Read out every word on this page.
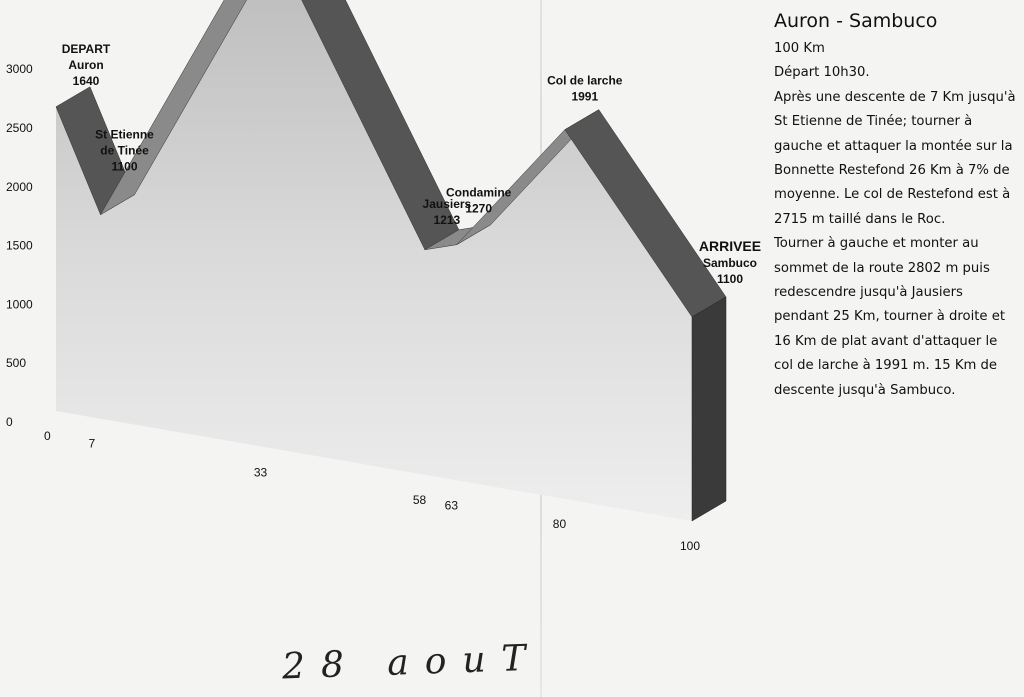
0
500
1000
1500
2000
2500
3000
0
7
33
58 63
80
100
DEPART Auron 1640
St Etienne de Tinée 1100
Jausiers 1213
Condamine 1270
Col de larche 1991
ARRIVEE Sambuco 1100
Auron - Sambuco

100 Km

Départ 10h30.

Après une descente de 7 Km jusqu'à St Etienne de Tinée; tourner à gauche et attaquer la montée sur la Bonnette Restefond 26 Km à 7% de moyenne. Le col de Restefond est à 2715 m taillé dans le Roc.

Tourner à gauche et monter au sommet de la route 2802 m puis redescendre jusqu'à Jausiers pendant 25 Km, tourner à droite et 16 Km de plat avant d'attaquer le col de larche à 1991 m. 15 Km de descente jusqu'à Sambuco.

28 aouT
